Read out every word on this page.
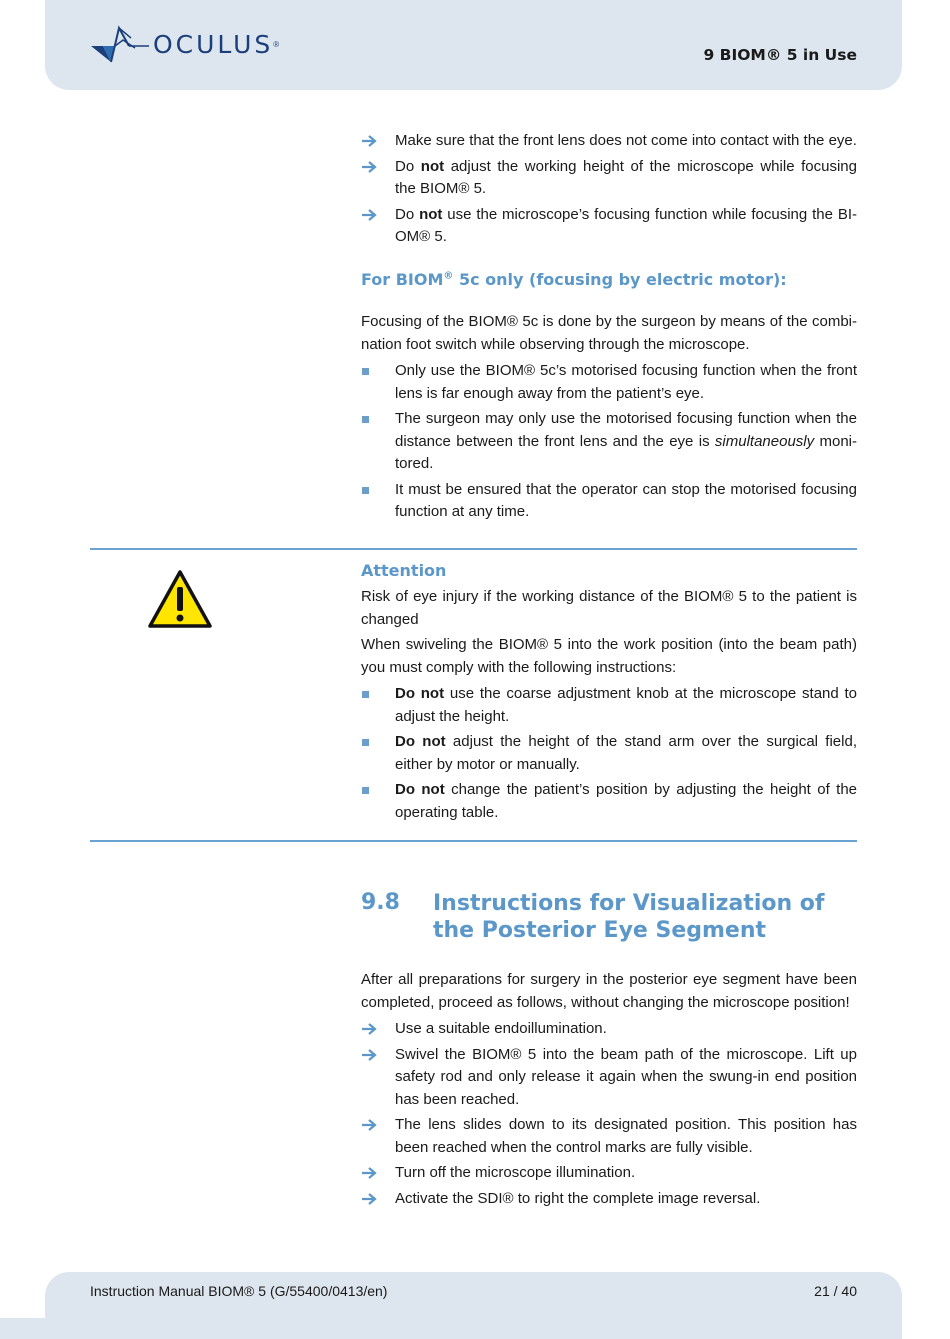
OCULUS ®
9 BIOM® 5 in Use
Make sure that the front lens does not come into contact with the eye.
Do not adjust the working height of the microscope while focusing the BIOM® 5.
Do not use the microscope’s focusing function while focusing the BI-OM® 5.
For BIOM® 5c only (focusing by electric motor):
Focusing of the BIOM® 5c is done by the surgeon by means of the combi-nation foot switch while observing through the microscope.
Only use the BIOM® 5c’s motorised focusing function when the front lens is far enough away from the patient’s eye.
The surgeon may only use the motorised focusing function when the distance between the front lens and the eye is simultaneously moni-tored.
It must be ensured that the operator can stop the motorised focusing function at any time.
Attention
Risk of eye injury if the working distance of the BIOM® 5 to the patient is changed
When swiveling the BIOM® 5 into the work position (into the beam path) you must comply with the following instructions:
Do not use the coarse adjustment knob at the microscope stand to adjust the height.
Do not adjust the height of the stand arm over the surgical field, either by motor or manually.
Do not change the patient’s position by adjusting the height of the operating table.
9.8 Instructions for Visualization of the Posterior Eye Segment
After all preparations for surgery in the posterior eye segment have been completed, proceed as follows, without changing the microscope position!
Use a suitable endoillumination.
Swivel the BIOM® 5 into the beam path of the microscope. Lift up safety rod and only release it again when the swung-in end position has been reached.
The lens slides down to its designated position. This position has been reached when the control marks are fully visible.
Turn off the microscope illumination.
Activate the SDI® to right the complete image reversal.
Instruction Manual BIOM® 5 (G/55400/0413/en)	21 / 40
